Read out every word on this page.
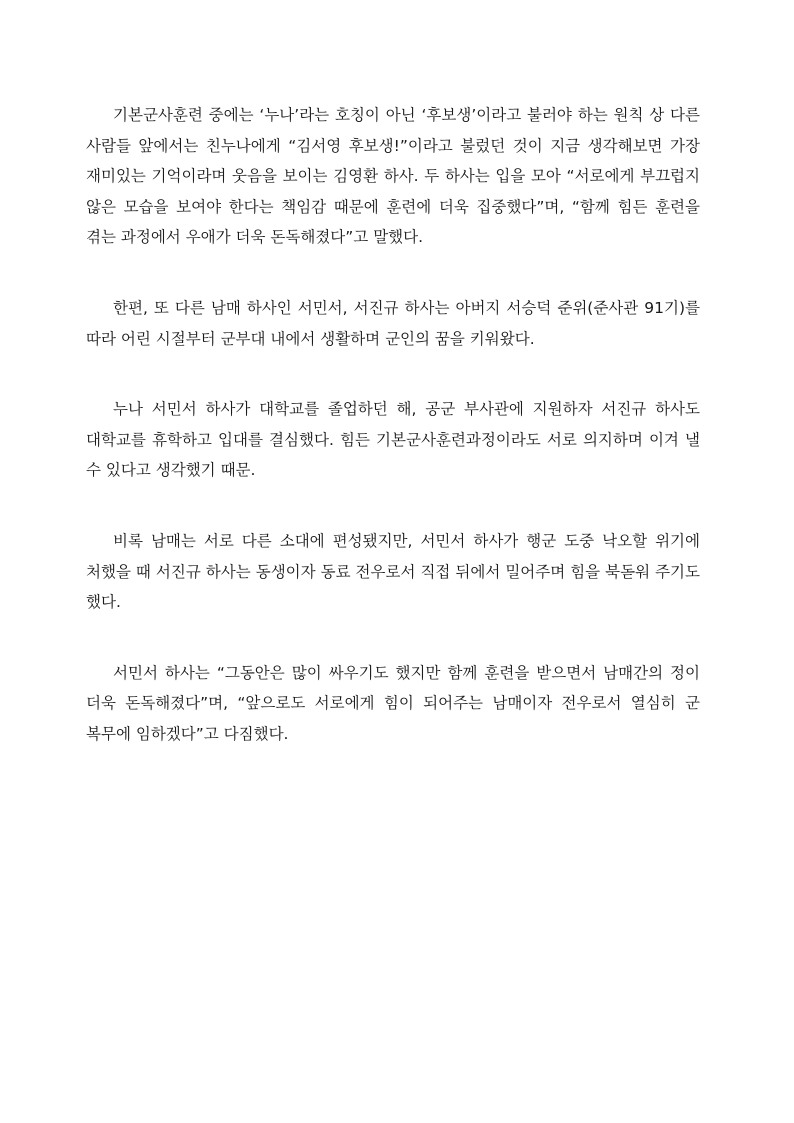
기본군사훈련 중에는 ‘누나’라는 호칭이 아닌 ‘후보생’이라고 불러야 하는 원칙 상 다른 사람들 앞에서는 친누나에게 “김서영 후보생!”이라고 불렀던 것이 지금 생각해보면 가장 재미있는 기억이라며 웃음을 보이는 김영환 하사. 두 하사는 입을 모아 “서로에게 부끄럽지 않은 모습을 보여야 한다는 책임감 때문에 훈련에 더욱 집중했다”며, “함께 힘든 훈련을 겪는 과정에서 우애가 더욱 돈독해졌다”고 말했다.

한편, 또 다른 남매 하사인 서민서, 서진규 하사는 아버지 서승덕 준위(준사관 91기)를 따라 어린 시절부터 군부대 내에서 생활하며 군인의 꿈을 키워왔다.

누나 서민서 하사가 대학교를 졸업하던 해, 공군 부사관에 지원하자 서진규 하사도 대학교를 휴학하고 입대를 결심했다. 힘든 기본군사훈련과정이라도 서로 의지하며 이겨 낼 수 있다고 생각했기 때문.

비록 남매는 서로 다른 소대에 편성됐지만, 서민서 하사가 행군 도중 낙오할 위기에 처했을 때 서진규 하사는 동생이자 동료 전우로서 직접 뒤에서 밀어주며 힘을 북돋워 주기도 했다.

서민서 하사는 “그동안은 많이 싸우기도 했지만 함께 훈련을 받으면서 남매간의 정이 더욱 돈독해졌다”며, “앞으로도 서로에게 힘이 되어주는 남매이자 전우로서 열심히 군 복무에 임하겠다”고 다짐했다.
